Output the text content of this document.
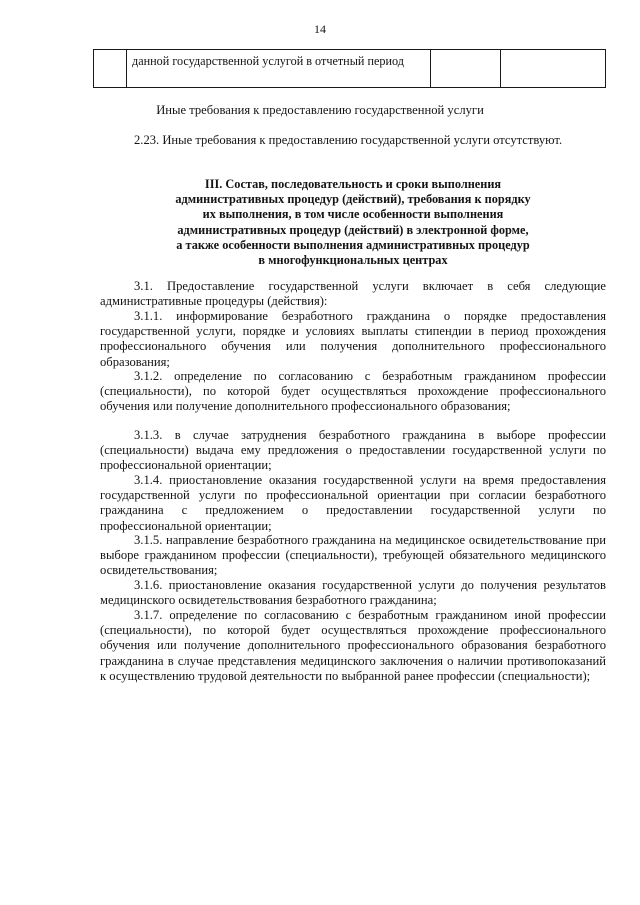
14
	данной государственной услугой в отчетный период		
Иные требования к предоставлению государственной услуги

2.23. Иные требования к предоставлению государственной услуги отсутствуют.

III. Состав, последовательность и сроки выполнения
административных процедур (действий), требования к порядку
их выполнения, в том числе особенности выполнения
административных процедур (действий) в электронной форме,
а также особенности выполнения административных процедур
в многофункциональных центрах

3.1. Предоставление государственной услуги включает в себя следующие административные процедуры (действия):

3.1.1. информирование безработного гражданина о порядке предоставления государственной услуги, порядке и условиях выплаты стипендии в период прохождения профессионального обучения или получения дополнительного профессионального образования;

3.1.2. определение по согласованию с безработным гражданином профессии (специальности), по которой будет осуществляться прохождение профессионального обучения или получение дополнительного профессионального образования;

3.1.3. в случае затруднения безработного гражданина в выборе профессии (специальности) выдача ему предложения о предоставлении государственной услуги по профессиональной ориентации;

3.1.4. приостановление оказания государственной услуги на время предоставления государственной услуги по профессиональной ориентации при согласии безработного гражданина с предложением о предоставлении государственной услуги по профессиональной ориентации;

3.1.5. направление безработного гражданина на медицинское освидетельствование при выборе гражданином профессии (специальности), требующей обязательного медицинского освидетельствования;

3.1.6. приостановление оказания государственной услуги до получения результатов медицинского освидетельствования безработного гражданина;

3.1.7. определение по согласованию с безработным гражданином иной профессии (специальности), по которой будет осуществляться прохождение профессионального обучения или получение дополнительного профессионального образования безработного гражданина в случае представления медицинского заключения о наличии противопоказаний к осуществлению трудовой деятельности по выбранной ранее профессии (специальности);
